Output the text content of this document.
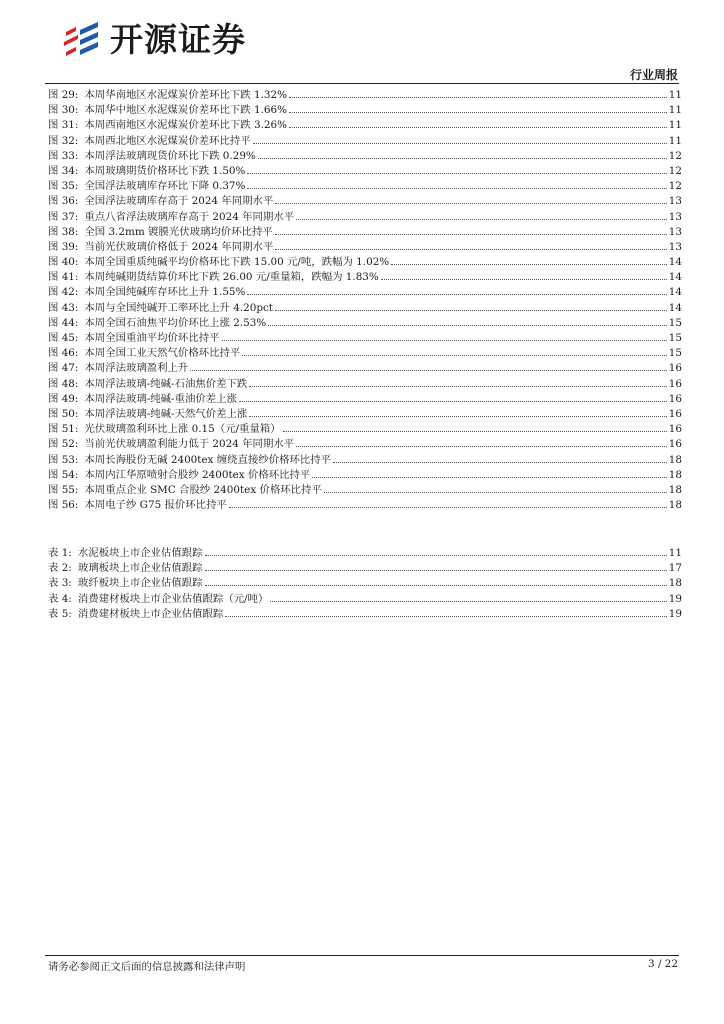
开源证券
行业周报
图 29: 本周华南地区水泥煤炭价差环比下跌 1.32%	11
图 30: 本周华中地区水泥煤炭价差环比下跌 1.66%	11
图 31: 本周西南地区水泥煤炭价差环比下跌 3.26%	11
图 32: 本周西北地区水泥煤炭价差环比持平	11
图 33: 本周浮法玻璃现货价环比下跌 0.29%	12
图 34: 本周玻璃期货价格环比下跌 1.50%	12
图 35: 全国浮法玻璃库存环比下降 0.37%	12
图 36: 全国浮法玻璃库存高于 2024 年同期水平	13
图 37: 重点八省浮法玻璃库存高于 2024 年同期水平	13
图 38: 全国 3.2mm 镀膜光伏玻璃均价环比持平	13
图 39: 当前光伏玻璃价格低于 2024 年同期水平	13
图 40: 本周全国重质纯碱平均价格环比下跌 15.00 元/吨，跌幅为 1.02%	14
图 41: 本周纯碱期货结算价环比下跌 26.00 元/重量箱，跌幅为 1.83%	14
图 42: 本周全国纯碱库存环比上升 1.55%	14
图 43: 本周与全国纯碱开工率环比上升 4.20pct	14
图 44: 本周全国石油焦平均价环比上涨 2.53%	15
图 45: 本周全国重油平均价环比持平	15
图 46: 本周全国工业天然气价格环比持平	15
图 47: 本周浮法玻璃盈利上升	16
图 48: 本周浮法玻璃-纯碱-石油焦价差下跌	16
图 49: 本周浮法玻璃-纯碱-重油价差上涨	16
图 50: 本周浮法玻璃-纯碱-天然气价差上涨	16
图 51: 光伏玻璃盈利环比上涨 0.15（元/重量箱）	16
图 52: 当前光伏玻璃盈利能力低于 2024 年同期水平	16
图 53: 本周长海股份无碱 2400tex 缠绕直接纱价格环比持平	18
图 54: 本周内江华原喷射合股纱 2400tex 价格环比持平	18
图 55: 本周重点企业 SMC 合股纱 2400tex 价格环比持平	18
图 56: 本周电子纱 G75 报价环比持平	18
表 1: 水泥板块上市企业估值跟踪	11
表 2: 玻璃板块上市企业估值跟踪	17
表 3: 玻纤板块上市企业估值跟踪	18
表 4: 消费建材板块上市企业估值跟踪（元/吨）	19
表 5: 消费建材板块上市企业估值跟踪	19
请务必参阅正文后面的信息披露和法律声明	3 / 22
